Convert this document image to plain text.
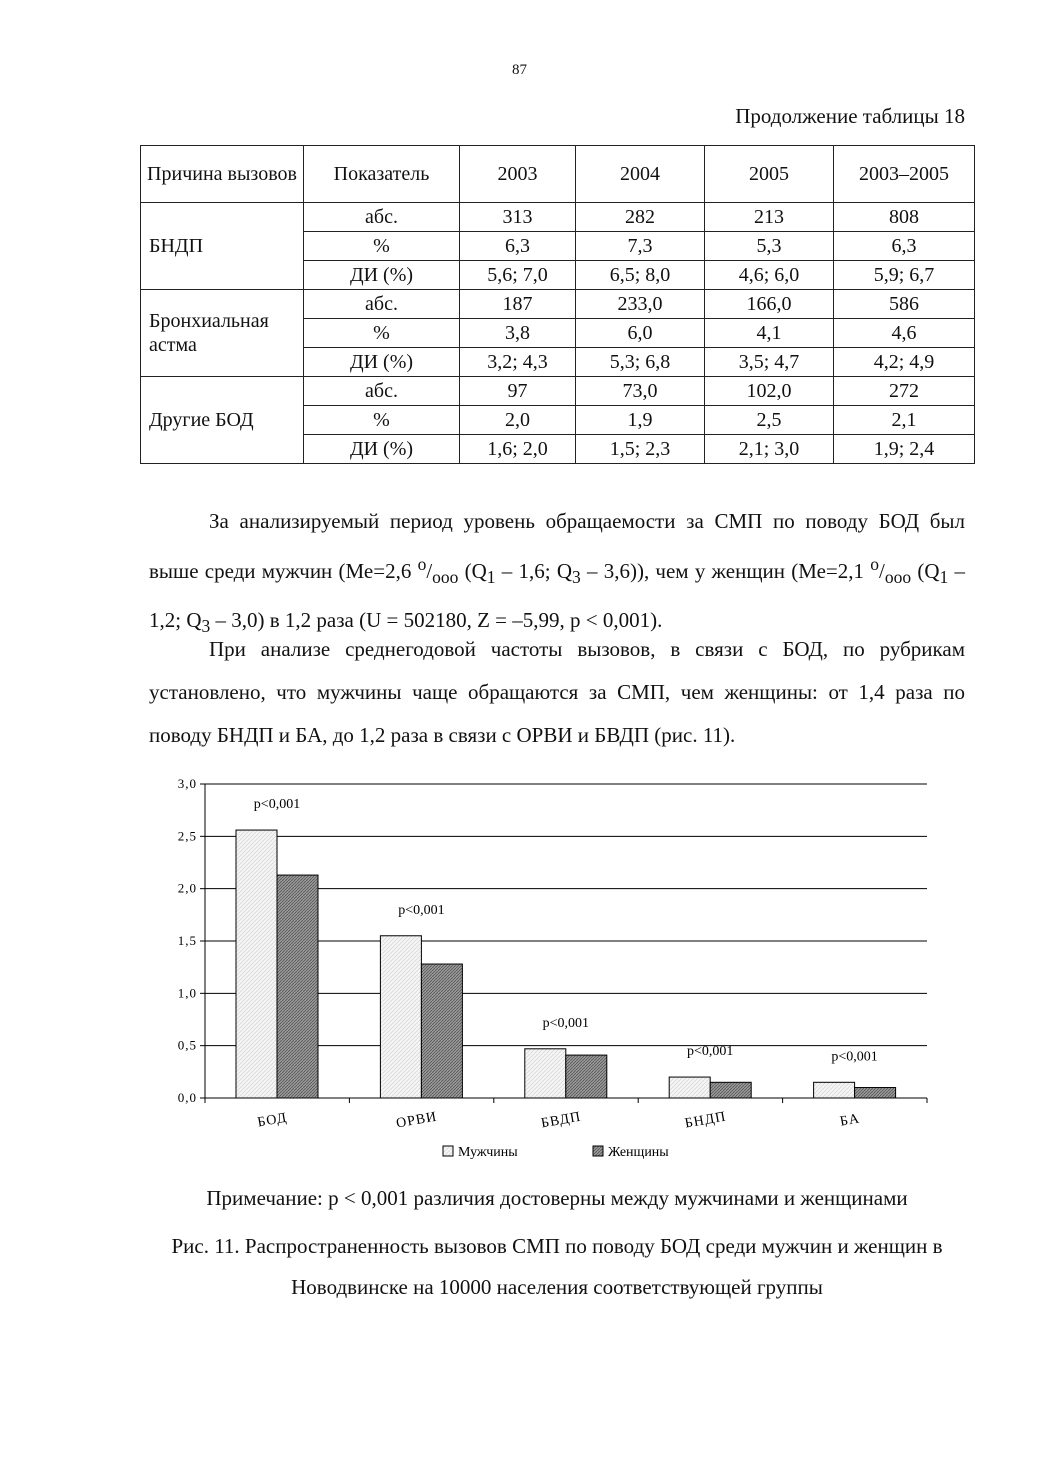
87
Продолжение таблицы 18
Причина вызовов	Показатель	2003	2004	2005	2003–2005
БНДП	абс.	313	282	213	808
	%	6,3	7,3	5,3	6,3
	ДИ (%)	5,6; 7,0	6,5; 8,0	4,6; 6,0	5,9; 6,7
Бронхиальная астма	абс.	187	233,0	166,0	586
	%	3,8	6,0	4,1	4,6
	ДИ (%)	3,2; 4,3	5,3; 6,8	3,5; 4,7	4,2; 4,9
Другие БОД	абс.	97	73,0	102,0	272
	%	2,0	1,9	2,5	2,1
	ДИ (%)	1,6; 2,0	1,5; 2,3	2,1; 3,0	1,9; 2,4
За анализируемый период уровень обращаемости за СМП по поводу БОД был выше среди мужчин (Ме=2,6 $^о/_{ооо}$ ($Q_1 - 1,6$; $Q_3 - 3,6$)), чем у женщин (Ме=2,1 $^о/_{ооо}$ ($Q_1 - 1,2$; $Q_3 - 3,0$) в 1,2 раза (U = 502180, Z = –5,99, р < 0,001).
При анализе среднегодовой частоты вызовов, в связи с БОД, по рубрикам установлено, что мужчины чаще обращаются за СМП, чем женщины: от 1,4 раза по поводу БНДП и БА, до 1,2 раза в связи с ОРВИ и БВДП (рис. 11).
0,0
0,5
1,0
1,5
2,0
2,5
3,0
р<0,001
БОД
р<0,001
ОРВИ
р<0,001
БВДП
р<0,001
БНДП
р<0,001
БА
Мужчины	Женщины
Примечание: р < 0,001 различия достоверны между мужчинами и женщинами
Рис. 11. Распространенность вызовов СМП по поводу БОД среди мужчин и женщин в Новодвинске на 10000 населения соответствующей группы
